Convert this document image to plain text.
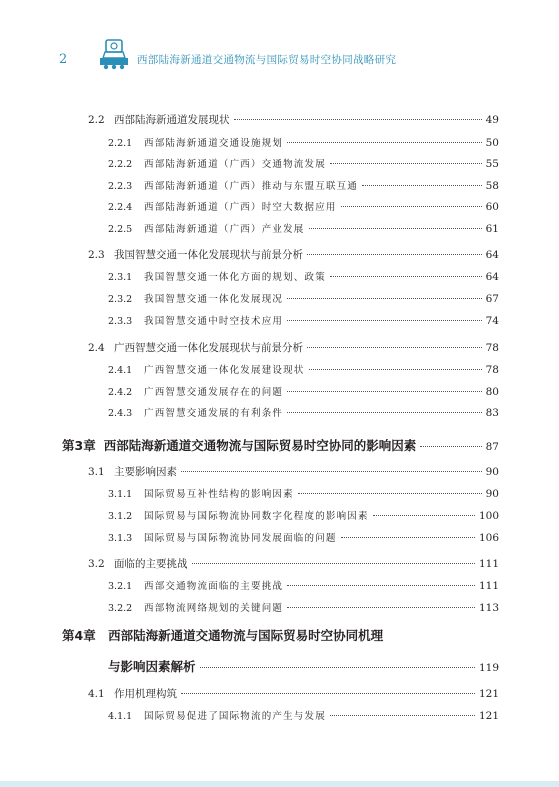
2	西部陆海新通道交通物流与国际贸易时空协同战略研究
2.2 西部陆海新通道发展现状	49
2.2.1	西部陆海新通道交通设施规划	50
2.2.2	西部陆海新通道（广西）交通物流发展	55
2.2.3	西部陆海新通道（广西）推动与东盟互联互通	58
2.2.4	西部陆海新通道（广西）时空大数据应用	60
2.2.5	西部陆海新通道（广西）产业发展	61
2.3 我国智慧交通一体化发展现状与前景分析	64
2.3.1	我国智慧交通一体化方面的规划、政策	64
2.3.2	我国智慧交通一体化发展现况	67
2.3.3	我国智慧交通中时空技术应用	74
2.4 广西智慧交通一体化发展现状与前景分析	78
2.4.1	广西智慧交通一体化发展建设现状	78
2.4.2	广西智慧交通发展存在的问题	80
2.4.3	广西智慧交通发展的有利条件	83
第3章 西部陆海新通道交通物流与国际贸易时空协同的影响因素	87
3.1 主要影响因素	90
3.1.1	国际贸易互补性结构的影响因素	90
3.1.2	国际贸易与国际物流协同数字化程度的影响因素	100
3.1.3	国际贸易与国际物流协同发展面临的问题	106
3.2 面临的主要挑战	111
3.2.1	西部交通物流面临的主要挑战	111
3.2.2	西部物流网络规划的关键问题	113
第4章 西部陆海新通道交通物流与国际贸易时空协同机理
与影响因素解析	119
4.1 作用机理构筑	121
4.1.1	国际贸易促进了国际物流的产生与发展	121
